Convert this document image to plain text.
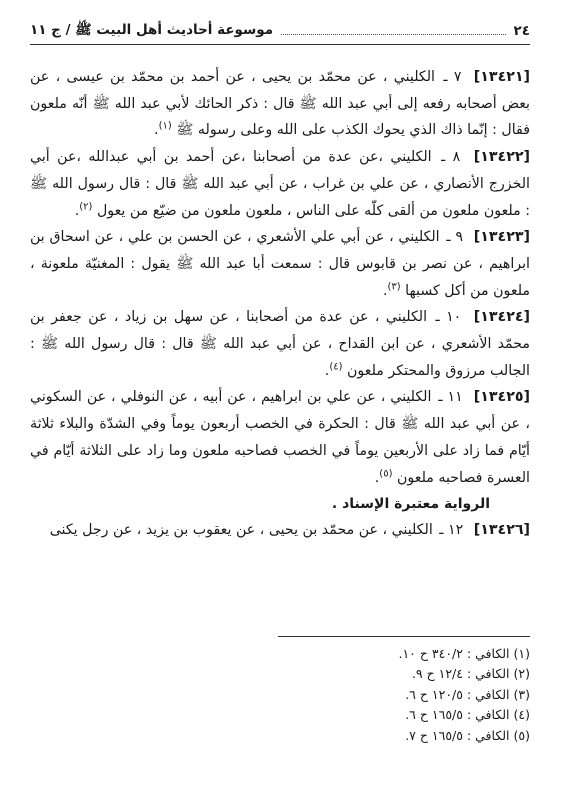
٢٤
موسوعة أحاديث أهل البيت ﷺ / ج ١١

[١٣٤٢١] ٧ ـ الكليني ، عن محمّد بن يحيى ، عن أحمد بن محمّد بن عيسى ، عن بعض أصحابه رفعه إلى أبي عبد الله ﷺ قال : ذكر الحائك لأبي عبد الله ﷺ أنّه ملعون فقال : إنّما ذاك الذي يحوك الكذب على الله وعلى رسوله ﷺ $^{(١)}$.

[١٣٤٢٢] ٨ ـ الكليني ،عن عدة من أصحابنا ،عن أحمد بن أبي عبدالله ،عن أبي الخزرج الأنصاري ، عن علي بن غراب ، عن أبي عبد الله ﷺ قال : قال رسول الله ﷺ : ملعون ملعون من ألقى كلّه على الناس ، ملعون ملعون من ضيّع من يعول $^{(٢)}$.

[١٣٤٢٣] ٩ ـ الكليني ، عن أبي علي الأشعري ، عن الحسن بن علي ، عن اسحاق بن ابراهيم ، عن نصر بن قابوس قال : سمعت أبا عبد الله ﷺ يقول : المغنيّة ملعونة ، ملعون من أكل كسبها $^{(٣)}$.

[١٣٤٢٤] ١٠ ـ الكليني ، عن عدة من أصحابنا ، عن سهل بن زياد ، عن جعفر بن محمّد الأشعري ، عن ابن القداح ، عن أبي عبد الله ﷺ قال : قال رسول الله ﷺ : الجالب مرزوق والمحتكر ملعون $^{(٤)}$.

[١٣٤٢٥] ١١ ـ الكليني ، عن علي بن ابراهيم ، عن أبيه ، عن النوفلي ، عن السكوني ، عن أبي عبد الله ﷺ قال : الحكرة في الخصب أربعون يوماً وفي الشدّة والبلاء ثلاثة أيّام فما زاد على الأربعين يوماً في الخصب فصاحبه ملعون وما زاد على الثلاثة أيّام في العسرة فصاحبه ملعون $^{(٥)}$.

الرواية معتبرة الإسناد .

[١٣٤٢٦] ١٢ ـ الكليني ، عن محمّد بن يحيى ، عن يعقوب بن يزيد ، عن رجل يكنى

(١) الكافي : ٣٤٠/٢ ح ١٠.
(٢) الكافي : ١٢/٤ ح ٩.
(٣) الكافي : ١٢٠/٥ ح ٦.
(٤) الكافي : ١٦٥/٥ ح ٦.
(٥) الكافي : ١٦٥/٥ ح ٧.
